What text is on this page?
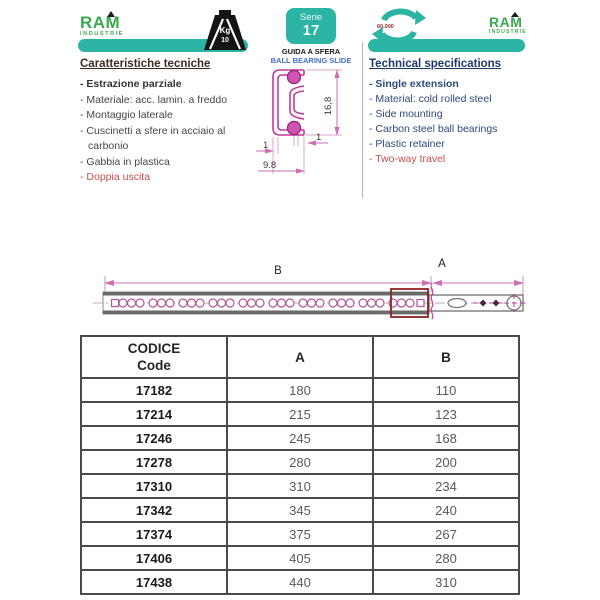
RAM
INDUSTRIE	Kg
10
Serie
17
GUIDA A SFERA
BALL BEARING SLIDE
60.000	RAM
INDUSTRIE
Caratteristiche tecniche
- Estrazione parziale
- Materiale: acc. lamin. a freddo
- Montaggio laterale
- Cuscinetti a sfere in acciaio al carbonio
- Gabbia in plastica
- Doppia uscita
Technical specifications
- Single extension
- Material: cold rolled steel
- Side mounting
- Carbon steel ball bearings
- Plastic retainer
- Two-way travel
16,8
1
1
9.8
B
A
CODICE
Code	A	B
17182	180	110
17214	215	123
17246	245	168
17278	280	200
17310	310	234
17342	345	240
17374	375	267
17406	405	280
17438	440	310
